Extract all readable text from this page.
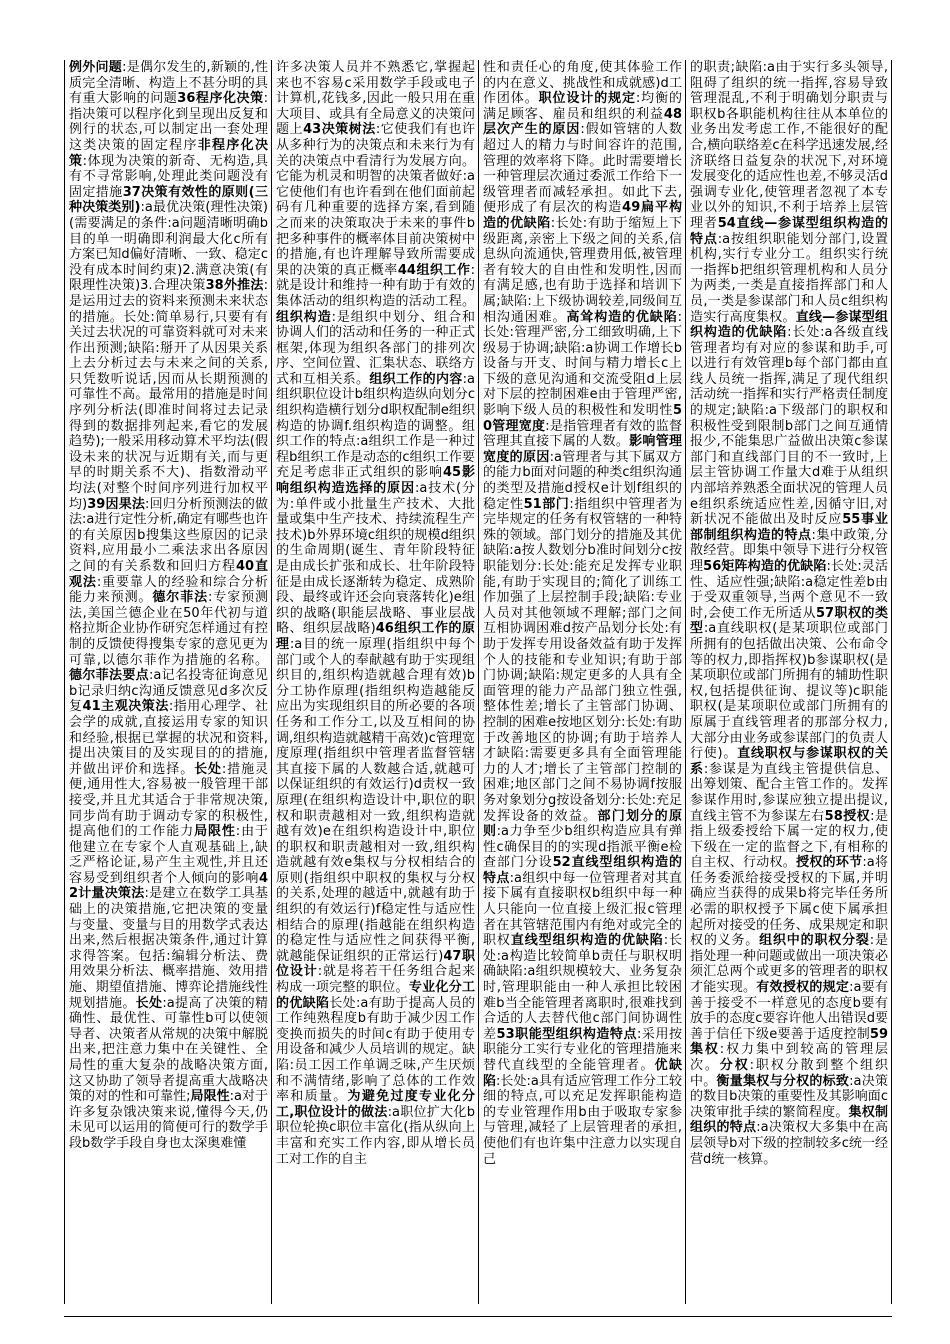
例外问题:是偶尔发生的,新颖的,性质完全清晰、构造上不甚分明的具有重大影响的问题36程序化决策:指决策可以程序化到呈现出反复和例行的状态,可以制定出一套处理这类决策的固定程序非程序化决策:体现为决策的新奇、无构造,具有不寻常影响,处理此类问题没有固定措施37决策有效性的原则(三种决策类别):a最优决策(理性决策)(需要满足的条件:a问题清晰明确b目的单一明确即利润最大化c所有方案已知d偏好清晰、一致、稳定c没有成本时间约束)2.满意决策(有限理性决策)3.合理决策38外推法:是运用过去的资料来预测未来状态的措施。长处:简单易行,只要有有关过去状况的可靠资料就可对未来作出预测;缺陷:掰开了从因果关系上去分析过去与未来之间的关系,只凭数听说话,因而从长期预测的可靠性不高。最常用的措施是时间序列分析法(即准时间将过去记录得到的数据排列起来,看它的发展趋势);一般采用移动算术平均法(假设未来的状况与近期有关,而与更早的时期关系不大)、指数滑动平均法(对整个时间序列进行加权平均)39因果法:回归分析预测法的做法:a进行定性分析,确定有哪些也许的有关原因b搜集这些原因的记录资料,应用最小二乘法求出各原因之间的有关系数和回归方程40直观法:重要靠人的经验和综合分析能力来预测。德尔菲法:专家预测法,美国兰德企业在50年代初与道格拉斯企业协作研究怎样通过有控制的反馈使得搜集专家的意见更为可靠,以德尔菲作为措施的名称。德尔菲法要点:a记名投寄征询意见b记录归纳c沟通反馈意见d多次反复41主观决策法:指用心理学、社会学的成就,直接运用专家的知识和经验,根据已掌握的状况和资料,提出决策目的及实现目的的措施,并做出评价和选择。长处:措施灵便,通用性大,容易被一般管理干部接受,并且尤其适合于非常规决策,同步尚有助于调动专家的积极性,提高他们的工作能力局限性:由于他建立在专家个人直观基础上,缺乏严格论证,易产生主观性,并且还容易受到组织者个人倾向的影响42计量决策法:是建立在数学工具基础上的决策措施,它把决策的变量与变量、变量与目的用数学式表达出来,然后根据决策条件,通过计算求得答案。包括:编辑分析法、费用效果分析法、概率措施、效用措施、期望值措施、博弈论措施线性规划措施。长处:a提高了决策的精确性、最优性、可靠性b可以使领导者、决策者从常规的决策中解脱出来,把注意力集中在关键性、全局性的重大复杂的战略决策方面,这又协助了领导者提高重大战略决策的对的性和可靠性;局限性:a对于许多复杂饿决策来说,懂得今天,仍未见可以运用的简便可行的数学手段b数学手段自身也太深奥难懂
许多决策人员并不熟悉它,掌握起来也不容易c采用数学手段或电子计算机,花钱多,因此一般只用在重大项目、或具有全局意义的决策问题上43决策树法:它使我们有也许从多种行为的决策点和未来行为有关的决策点中看清行为发展方向。它能为机灵和明智的决策者做好:a它使他们有也许看到在他们面前起码有几种重要的选择方案,看到随之而来的决策取决于未来的事件b把多种事件的概率体目前决策树中的措施,有也许理解导致所需要成果的决策的真正概率44组织工作:就是设计和维持一种有助于有效的集体活动的组织构造的活动工程。组织构造:是组织中划分、组合和协调人们的活动和任务的一种正式框架,体现为组织各部门的排列次序、空间位置、汇集状态、联络方式和互相关系。组织工作的内容:a组织职位设计b组织构造纵向划分c组织构造横行划分d职权配制e组织构造的协调f.组织构造的调整。组织工作的特点:a组织工作是一种过程b组织工作是动态的c组织工作要充足考虑非正式组织的影响45影响组织构造选择的原因:a技术(分为:单件或小批量生产技术、大批量或集中生产技术、持续流程生产技术)b外界环境c组织的规模d组织的生命周期(诞生、青年阶段特征是由成长扩张和成长、壮年阶段特征是由成长逐渐转为稳定、成熟阶段、最终或许还会向衰落转化)e组织的战略(职能层战略、事业层战略、组织层战略)46组织工作的原理:a目的统一原理(指组织中每个部门或个人的奉献越有助于实现组织目的,组织构造就越合理有效)b分工协作原理(指组织构造越能反应出为实现组织目的所必要的各项任务和工作分工,以及互相间的协调,组织构造就越精干高效)c管理宽度原理(指组织中管理者监督管辖其直接下属的人数越合适,就越可以保证组织的有效运行)d责权一致原理(在组织构造设计中,职位的职权和职责越相对一致,组织构造就越有效)e在组织构造设计中,职位的职权和职责越相对一致,组织构造就越有效e集权与分权相结合的原则(指组织中职权的集权与分权的关系,处理的越适中,就越有助于组织的有效运行)f稳定性与适应性相结合的原理(指越能在组织构造的稳定性与适应性之间获得平衡,就越能保证组织的正常运行)47职位设计:就是将若干任务组合起来构成一项完整的职位。专业化分工的优缺陷长处:a有助于提高人员的工作纯熟程度b有助于减少因工作变换而损失的时间c有助于使用专用设备和减少人员培训的规定。缺陷:员工因工作单调乏味,产生厌烦和不满情绪,影响了总体的工作效率和质量。为避免过度专业化分工,职位设计的做法:a职位扩大化b职位轮换c职位丰富化(指从纵向上丰富和充实工作内容,即从增长员工对工作的自主
性和责任心的角度,使其体验工作的内在意义、挑战性和成就感)d工作团体。职位设计的规定:均衡的满足顾客、雇员和组织的利益48层次产生的原因:假如管辖的人数超过人的精力与时间容许的范围,管理的效率将下降。此时需要增长一种管理层次通过委派工作给下一级管理者而减轻承担。如此下去,便形成了有层次的构造49扁平构造的优缺陷:长处:有助于缩短上下级距离,亲密上下级之间的关系,信息纵向流通快,管理费用低,被管理者有较大的自由性和发明性,因而有满足感,也有助于选择和培训下属;缺陷:上下级协调较差,同级间互相沟通困难。高耸构造的优缺陷:长处:管理严密,分工细致明确,上下级易于协调;缺陷:a协调工作增长b设备与开支、时间与精力增长c上下级的意见沟通和交流受阻d上层对下层的控制困难e由于管理严密,影响下级人员的积极性和发明性50管理宽度:是指管理者有效的监督管理其直接下属的人数。影响管理宽度的原因:a管理者与其下属双方的能力b面对问题的种类c组织沟通的类型及措施d授权e计划f组织的稳定性51部门:指组织中管理者为完毕规定的任务有权管辖的一种特殊的领域。部门划分的措施及其优缺陷:a按人数划分b准时间划分c按职能划分:长处:能充足发挥专业职能,有助于实现目的;简化了训练工作加强了上层控制手段;缺陷:专业人员对其他领域不理解;部门之间互相协调困难d按产品划分长处:有助于发挥专用设备效益有助于发挥个人的技能和专业知识;有助于部门协调;缺陷:规定更多的人具有全面管理的能力产品部门独立性强,整体性差;增长了主管部门协调、控制的困难e按地区划分:长处:有助于改善地区的协调;有助于培养人才缺陷:需要更多具有全面管理能力的人才;增长了主管部门控制的困难;地区部门之间不易协调f按服务对象划分g按设备划分:长处:充足发挥设备的效益。部门划分的原则:a力争至少b组织构造应具有弹性c确保目的的实现d指派平衡e检查部门分设52直线型组织构造的特点:a组织中每一位管理者对其直接下属有直接职权b组织中每一种人只能向一位直接上级汇报c管理者在其管辖范围内有绝对或完全的职权直线型组织构造的优缺陷:长处:a构造比较简单b责任与职权明确缺陷:a组织规模较大、业务复杂时,管理职能由一种人承担比较困难b当全能管理者离职时,很难找到合适的人去替代他c部门间协调性差53职能型组织构造特点:采用按职能分工实行专业化的管理措施来替代直线型的全能管理者。优缺陷:长处:a具有适应管理工作分工较细的特点,可以充足发挥职能构造的专业管理作用b由于吸取专家参与管理,减轻了上层管理者的承担,使他们有也许集中注意力以实现自己
的职责;缺陷:a由于实行多头领导,阻碍了组织的统一指挥,容易导致管理混乱,不利于明确划分职责与职权b各职能机构往往从本单位的业务出发考虑工作,不能很好的配合,横向联络差c在科学迅速发展,经济联络日益复杂的状况下,对环境发展变化的适应性也差,不够灵活d强调专业化,使管理者忽视了本专业以外的知识,不利于培养上层管理者54直线—参谋型组织构造的特点:a按组织职能划分部门,设置机构,实行专业分工。组织实行统一指挥b把组织管理机构和人员分为两类,一类是直接指挥部门和人员,一类是参谋部门和人员c组织构造实行高度集权。直线—参谋型组织构造的优缺陷:长处:a各级直线管理者均有对应的参谋和助手,可以进行有效管理b每个部门都由直线人员统一指挥,满足了现代组织活动统一指挥和实行严格责任制度的规定;缺陷:a下级部门的职权和积极性受到限制b部门之间互通情报少,不能集思广益做出决策c参谋部门和直线部门目的不一致时,上层主管协调工作量大d难于从组织内部培养熟悉全面状况的管理人员e组织系统适应性差,因循守旧,对新状况不能做出及时反应55事业部制组织构造的特点:集中政策,分散经营。即集中领导下进行分权管理56矩阵构造的优缺陷:长处:灵活性、适应性强;缺陷:a稳定性差b由于受双重领导,当两个意见不一致时,会使工作无所适从57职权的类型:a直线职权(是某项职位或部门所拥有的包括做出决策、公布命令等的权力,即指挥权)b参谋职权(是某项职位或部门所拥有的辅助性职权,包括提供征询、提议等)c职能职权(是某项职位或部门所拥有的原属于直线管理者的那部分权力,大部分由业务或参谋部门的负责人行使)。直线职权与参谋职权的关系:参谋是为直线主管提供信息、出筹划策、配合主管工作的。发挥参谋作用时,参谋应独立提出提议,直线主管不为参谋左右58授权:是指上级委授给下属一定的权力,使下级在一定的监督之下,有相称的自主权、行动权。授权的环节:a将任务委派给接受授权的下属,并明确应当获得的成果b将完毕任务所必需的职权授予下属c使下属承担起所对接受的任务、成果规定和职权的义务。组织中的职权分裂:是指处理一种问题或做出一项决策必须汇总两个或更多的管理者的职权才能实现。有效授权的规定:a要有善于接受不一样意见的态度b要有放手的态度c要容许他人出错误d要善于信任下级e要善于适度控制59集权:权力集中到较高的管理层次。分权:职权分散到整个组织中。衡量集权与分权的标致:a决策的数目b决策的重要性及其影响面c决策审批手续的繁简程度。集权制组织的特点:a决策权大多集中在高层领导b对下级的控制较多c统一经营d统一核算。
